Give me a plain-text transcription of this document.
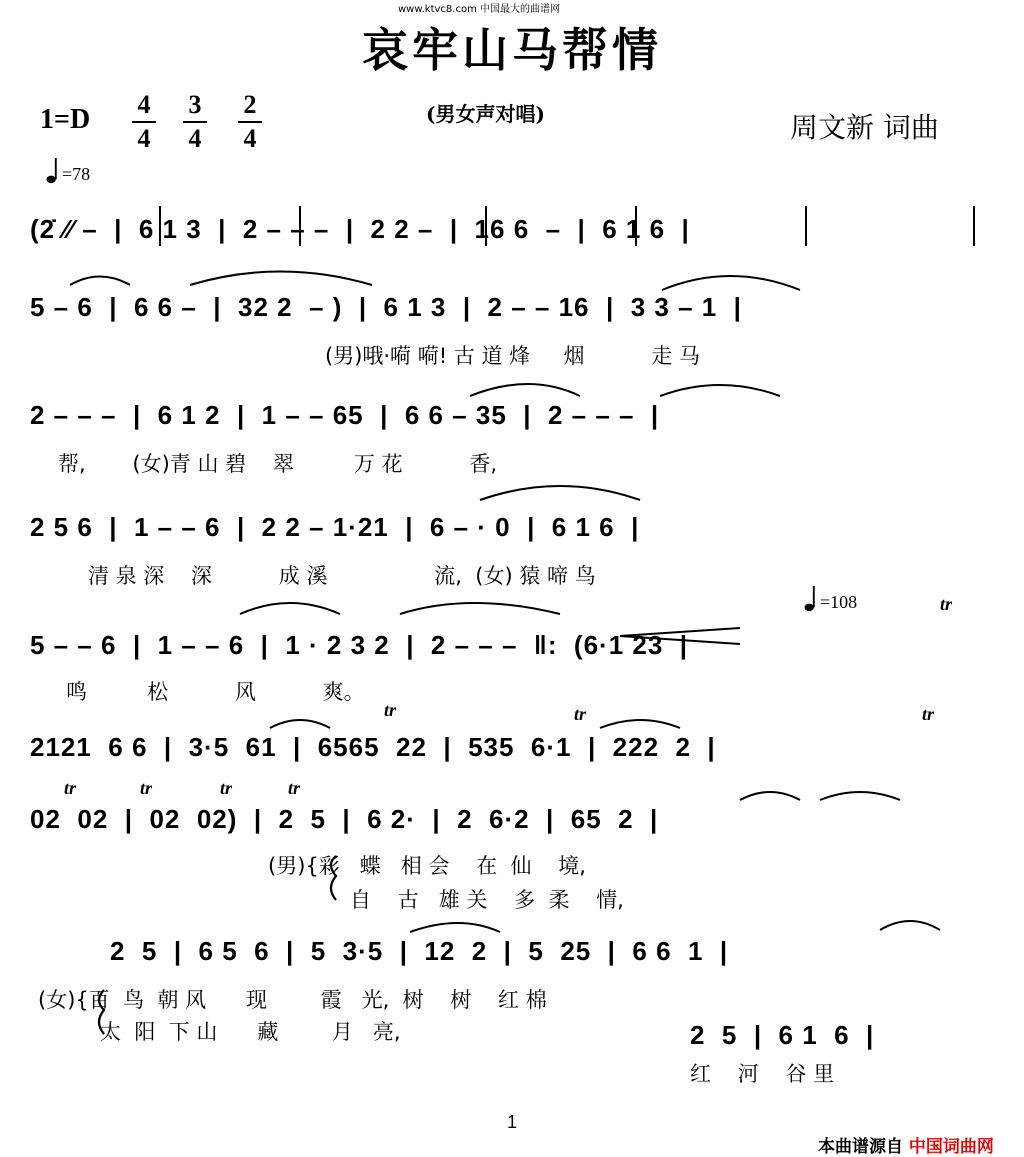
www.ktvc8.com 中国最大的曲谱网
哀牢山马帮情
1=D 4
4
3
4
2
4
(男女声对唱)	周文新 词曲
=78
=108
(2̇ ⁄⁄ –  |  6 1 3  |  2 – – –  |  2 2 –  |  16 6  –  |  6 1 6  |
5 – 6  |  6 6 –  |  32 2  – )  |  6 1 3  |  2 – – 16  |  3 3 – 1  |
(男)哦·嗬 嗬! 古 道 烽     烟          走 马
2 – – –  |  6 1 2  |  1 – – 65  |  6 6 – 35  |  2 – – –  |
帮,       (女)青 山 碧    翠         万 花          香,
2 5 6  |  1 – – 6  |  2 2 – 1·21  |  6 – · 0  |  6 1 6  |
清 泉 深    深          成 溪                流,  (女) 猿 啼 鸟
5 – – 6  |  1 – – 6  |  1 · 2 3 2  |  2 – – –  ‖:  (6·1 23  |
鸣         松          风          爽。
2121  6 6  |  3·5  61  |  6565  22  |  535  6·1  |  222  2  |
02  02  |  02  02)  |  2  5  |  6 2·  |  2  6·2  |  65  2  |
(男){彩   蝶   相 会    在  仙    境,
自    古   雄 关    多  柔    情,
2  5  |  6 5  6  |  5  3·5  |  12  2  |  5  25  |  6 6  1  |
(女){百  鸟  朝 风      现        霞   光,  树    树    红 棉
太  阳  下 山      藏        月   亮,	2  5  |  6 1  6  |
红    河    谷 里
tr
tr	tr	tr
tr	tr	tr	tr
1
本曲谱源自 中国词曲网
